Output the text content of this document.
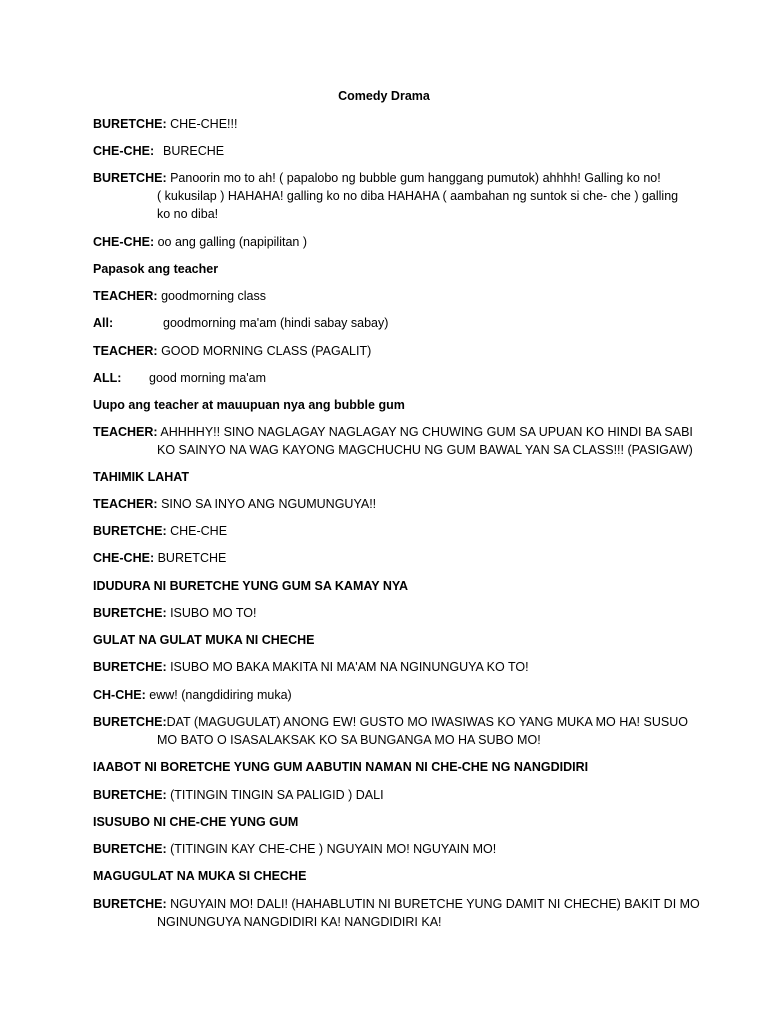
Comedy Drama

BURETCHE: CHE-CHE!!!

CHE-CHE: BURECHE

BURETCHE: Panoorin mo to ah! ( papalobo ng bubble gum hanggang pumutok) ahhhh! Galling ko no!
( kukusilap ) HAHAHA! galling ko no diba HAHAHA ( aambahan ng suntok si che- che ) galling
ko no diba!

CHE-CHE: oo ang galling (napipilitan )

Papasok ang teacher

TEACHER: goodmorning class

All:	goodmorning ma'am (hindi sabay sabay)

TEACHER: GOOD MORNING CLASS (PAGALIT)

ALL: good morning ma'am

Uupo ang teacher at mauupuan nya ang bubble gum

TEACHER: AHHHHY!! SINO NAGLAGAY NAGLAGAY NG CHUWING GUM SA UPUAN KO HINDI BA SABI
KO SAINYO NA WAG KAYONG MAGCHUCHU NG GUM BAWAL YAN SA CLASS!!! (PASIGAW)

TAHIMIK LAHAT

TEACHER: SINO SA INYO ANG NGUMUNGUYA!!

BURETCHE: CHE-CHE

CHE-CHE: BURETCHE

IDUDURA NI BURETCHE YUNG GUM SA KAMAY NYA

BURETCHE: ISUBO MO TO!

GULAT NA GULAT MUKA NI CHECHE

BURETCHE: ISUBO MO BAKA MAKITA NI MA'AM NA NGINUNGUYA KO TO!

CH-CHE: eww! (nangdidiring muka)

BURETCHE:DAT (MAGUGULAT) ANONG EW! GUSTO MO IWASIWAS KO YANG MUKA MO HA! SUSUO
MO BATO O ISASALAKSAK KO SA BUNGANGA MO HA SUBO MO!

IAABOT NI BORETCHE YUNG GUM AABUTIN NAMAN NI CHE-CHE NG NANGDIDIRI

BURETCHE: (TITINGIN TINGIN SA PALIGID ) DALI

ISUSUBO NI CHE-CHE YUNG GUM

BURETCHE: (TITINGIN KAY CHE-CHE ) NGUYAIN MO! NGUYAIN MO!

MAGUGULAT NA MUKA SI CHECHE

BURETCHE: NGUYAIN MO! DALI! (HAHABLUTIN NI BURETCHE YUNG DAMIT NI CHECHE) BAKIT DI MO
NGINUNGUYA NANGDIDIRI KA! NANGDIDIRI KA!
